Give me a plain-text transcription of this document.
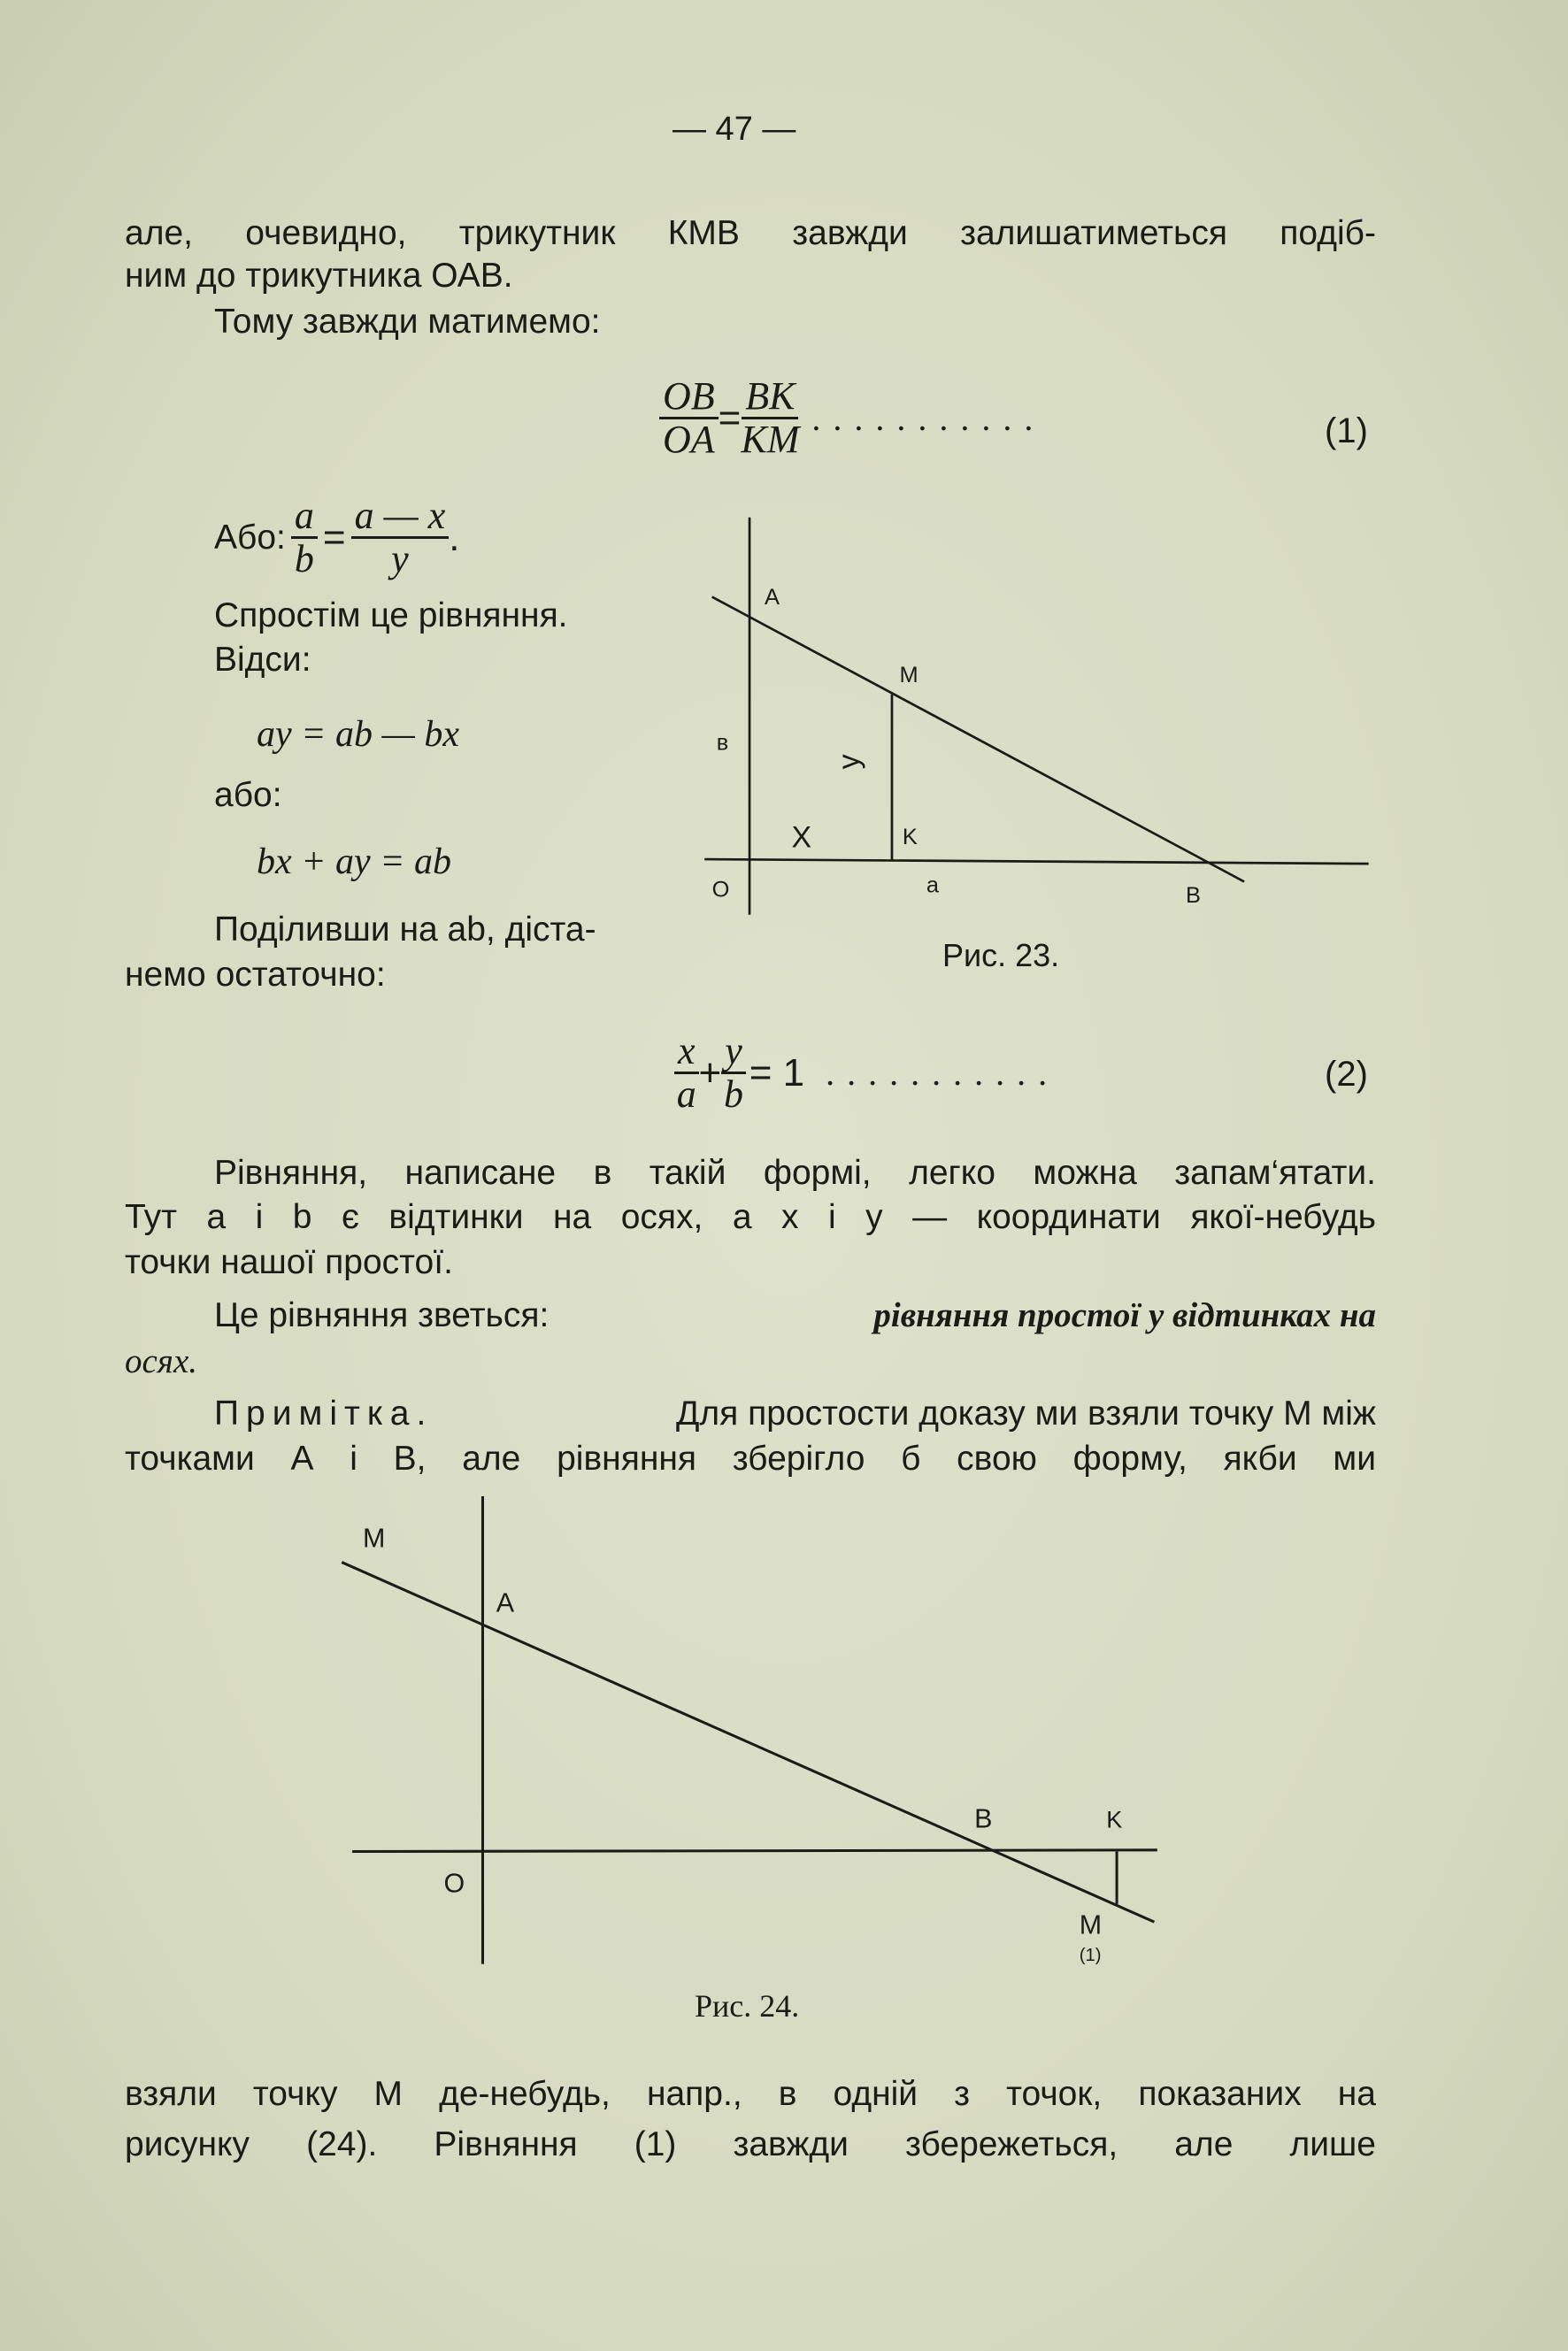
— 47 —
але, очевидно, трикутник КМВ завжди залишатиметься подіб-
ним до трикутника ОАВ.
Тому завжди матимемо:
$\frac{OB}{OA} = \frac{BK}{KM}$ ...........	(1)
Або: $\frac{a}{b} = \frac{a — x}{y}$ .
Спростім це рівняння.
Відси:
ay = ab — bx
або:
bx + ay = ab
Поділивши на ab, діста-
немо остаточно:
$\frac{x}{a} + \frac{y}{b} = 1$ ...........	(2)
Рівняння, написане в такій формі, легко можна запам‘ятати.
Тут a і b є відтинки на осях, а x і y — координати якої-небудь
точки нашої простої.
Це рівняння зветься:	рівняння простої у відтинках на
осях.
Примітка.	Для простости доказу ми взяли точку М між
точками А і В, але рівняння зберігло б свою форму, якби ми
Рис. 23.
Рис. 24.
взяли точку М де-небудь, напр., в одній з точок, показаних на
рисунку (24). Рівняння (1) завжди збережеться, але лише
A
M
в
K
O	a	B
X
y
M
A
O
B	K
M
(1)
